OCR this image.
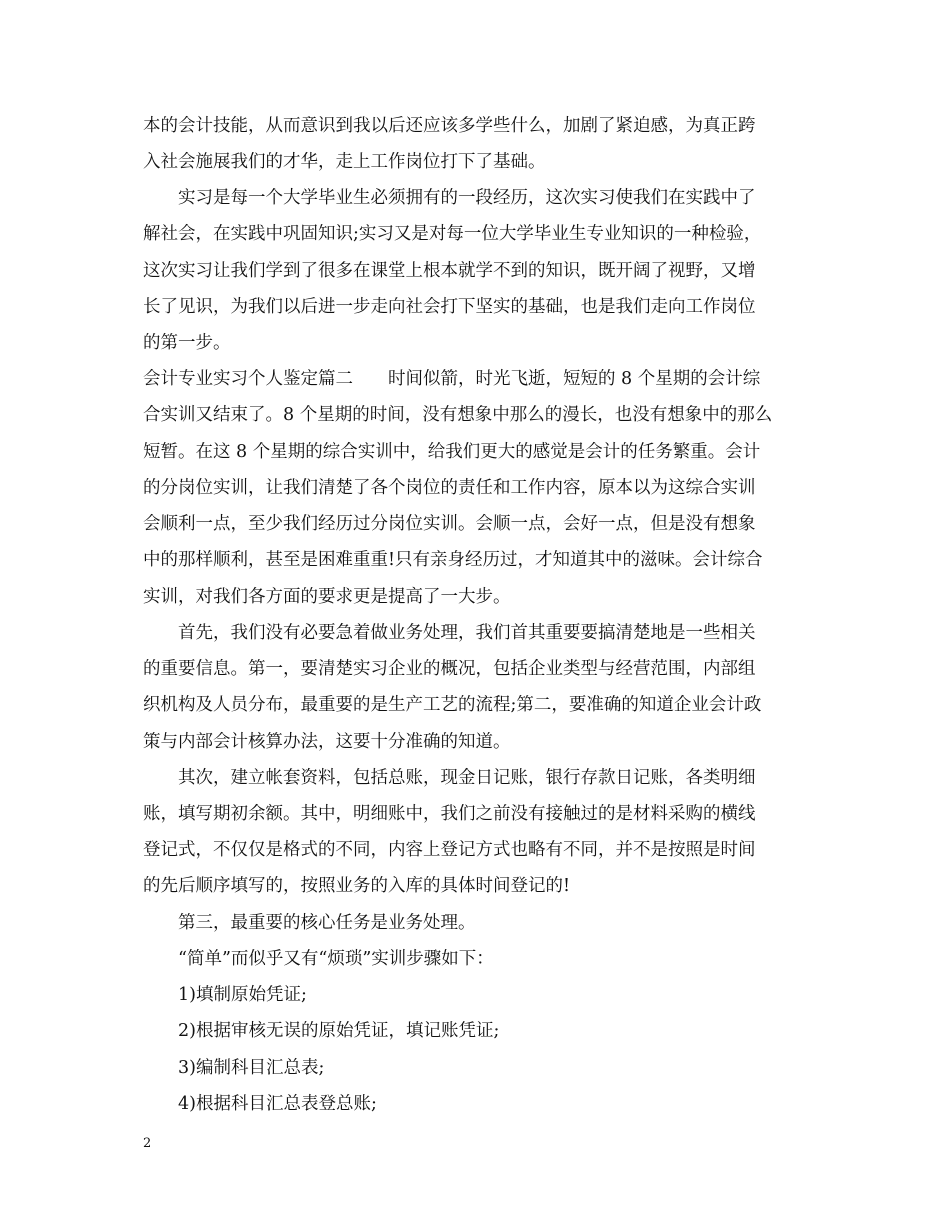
本的会计技能，从而意识到我以后还应该多学些什么，加剧了紧迫感，为真正跨
入社会施展我们的才华，走上工作岗位打下了基础。
实习是每一个大学毕业生必须拥有的一段经历，这次实习使我们在实践中了
解社会，在实践中巩固知识;实习又是对每一位大学毕业生专业知识的一种检验，
这次实习让我们学到了很多在课堂上根本就学不到的知识，既开阔了视野，又增
长了见识，为我们以后进一步走向社会打下坚实的基础，也是我们走向工作岗位
的第一步。
会计专业实习个人鉴定篇二　　时间似箭，时光飞逝，短短的 8 个星期的会计综
合实训又结束了。8 个星期的时间，没有想象中那么的漫长，也没有想象中的那么
短暂。在这 8 个星期的综合实训中，给我们更大的感觉是会计的任务繁重。会计
的分岗位实训，让我们清楚了各个岗位的责任和工作内容，原本以为这综合实训
会顺利一点，至少我们经历过分岗位实训。会顺一点，会好一点，但是没有想象
中的那样顺利，甚至是困难重重!只有亲身经历过，才知道其中的滋味。会计综合
实训，对我们各方面的要求更是提高了一大步。
首先，我们没有必要急着做业务处理，我们首其重要要搞清楚地是一些相关
的重要信息。第一，要清楚实习企业的概况，包括企业类型与经营范围，内部组
织机构及人员分布，最重要的是生产工艺的流程;第二，要准确的知道企业会计政
策与内部会计核算办法，这要十分准确的知道。
其次，建立帐套资料，包括总账，现金日记账，银行存款日记账，各类明细
账，填写期初余额。其中，明细账中，我们之前没有接触过的是材料采购的横线
登记式，不仅仅是格式的不同，内容上登记方式也略有不同，并不是按照是时间
的先后顺序填写的，按照业务的入库的具体时间登记的!
第三，最重要的核心任务是业务处理。
“简单”而似乎又有“烦琐”实训步骤如下：
1)填制原始凭证;
2)根据审核无误的原始凭证，填记账凭证;
3)编制科目汇总表;
4)根据科目汇总表登总账;
2
